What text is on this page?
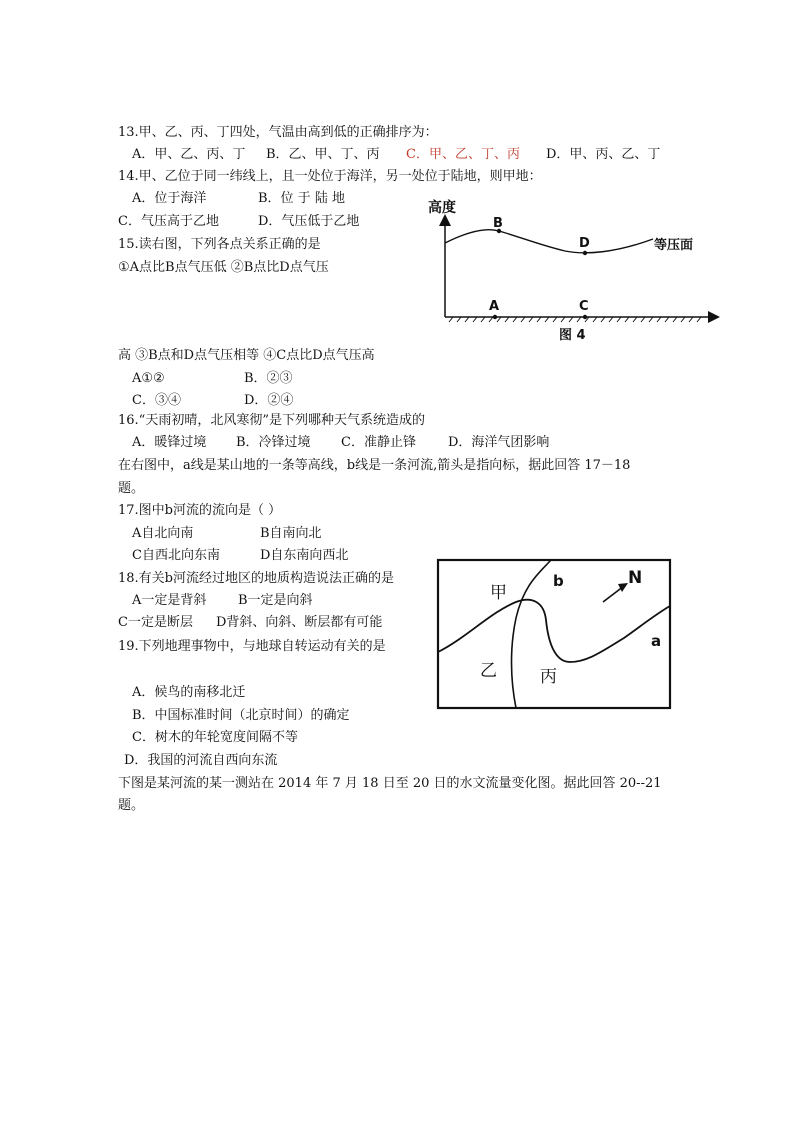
13.甲、乙、丙、丁四处，气温由高到低的正确排序为：
A．甲、乙、丙、丁 B．乙、甲、丁、丙 C．甲、乙、丁、丙 D．甲、丙、乙、丁
14.甲、乙位于同一纬线上，且一处位于海洋，另一处位于陆地，则甲地：
A．位于海洋	B．位 于 陆 地
C．气压高于乙地	D．气压低于乙地
15.读右图，下列各点关系正确的是
①A点比B点气压低 ②B点比D点气压
高度
B
D	等压面
A	C
图 4
高 ③B点和D点气压相等 ④C点比D点气压高
A①②	B．②③
C．③④	D．②④
16.“天雨初晴，北风寒彻”是下列哪种天气系统造成的
A．暖锋过境 B．冷锋过境 C．准静止锋 D．海洋气团影响
在右图中，a线是某山地的一条等高线，b线是一条河流,箭头是指向标，据此回答 17－18
题。
17.图中b河流的流向是（ ）
A自北向南	B自南向北
C自西北向东南	D自东南向西北
18.有关b河流经过地区的地质构造说法正确的是
A一定是背斜 B一定是向斜
C一定是断层 D背斜、向斜、断层都有可能
N
甲
b
a
乙	丙
19.下列地理事物中，与地球自转运动有关的是
A．候鸟的南移北迁
B．中国标准时间（北京时间）的确定
C．树木的年轮宽度间隔不等
D．我国的河流自西向东流
下图是某河流的某一测站在 2014 年 7 月 18 日至 20 日的水文流量变化图。据此回答 20--21
题。
